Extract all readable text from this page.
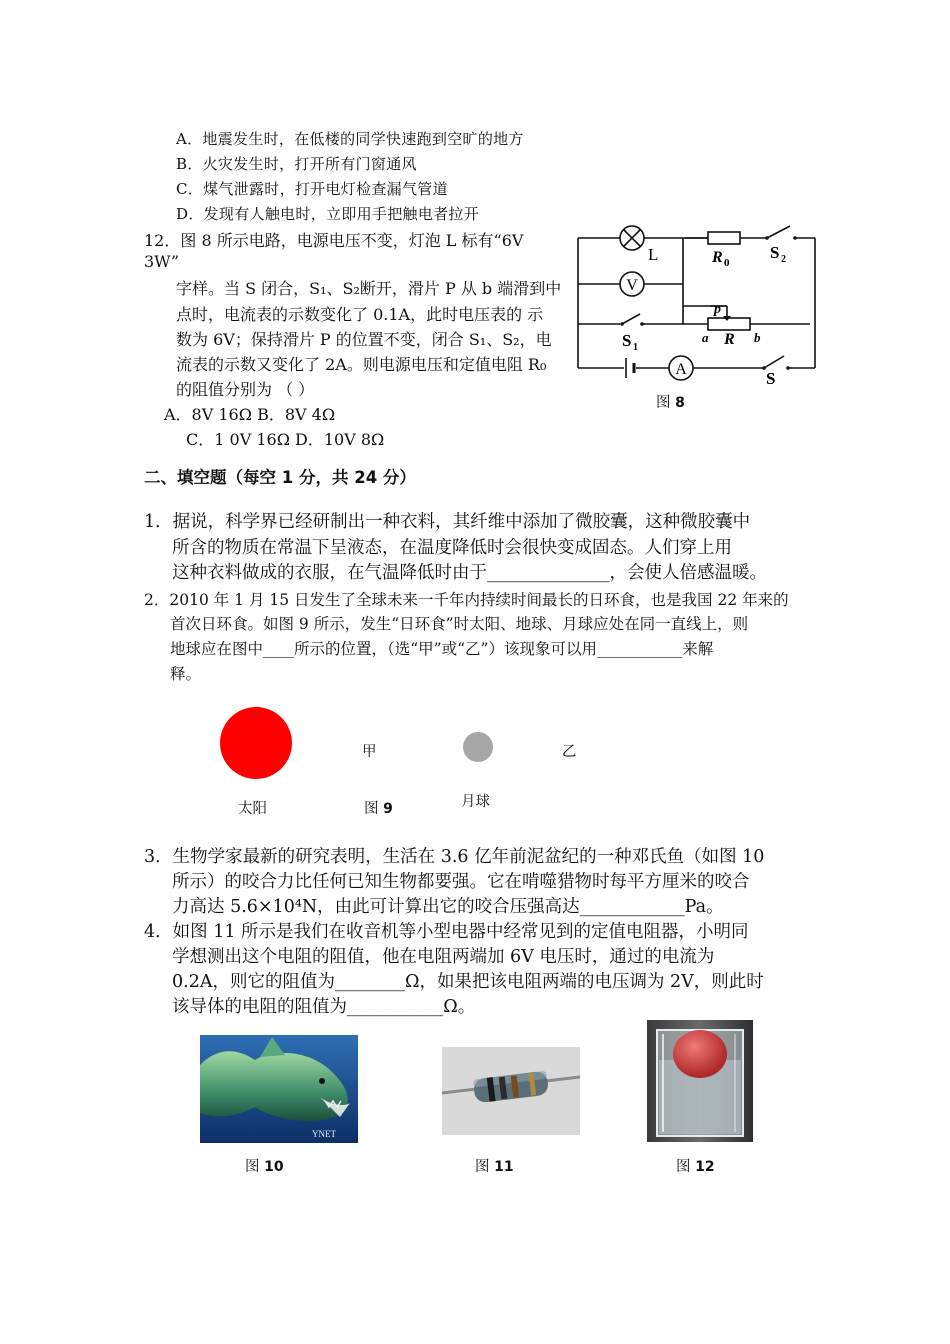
A．地震发生时，在低楼的同学快速跑到空旷的地方
B．火灾发生时，打开所有门窗通风
C．煤气泄露时，打开电灯检查漏气管道
D．发现有人触电时，立即用手把触电者拉开
12．图 8 所示电路，电源电压不变，灯泡 L 标有“6V
3W”
字样。当 S 闭合，S₁、S₂断开，滑片 P 从 b 端滑到中
点时，电流表的示数变化了 0.1A，此时电压表的 示
数为 6V；保持滑片 P 的位置不变，闭合 S₁、S₂，电
流表的示数又变化了 2A。则电源电压和定值电阻 R₀
的阻值分别为 （ ）
A．8V 16Ω B．8V 4Ω
C．1 0V 16Ω D．10V 8Ω
V
A
L	R 0
S 2
S 1
p
a R b
S
图 8
二、填空题（每空 1 分，共 24 分）
1．据说，科学界已经研制出一种衣料，其纤维中添加了微胶囊，这种微胶囊中
所含的物质在常温下呈液态，在温度降低时会很快变成固态。人们穿上用
这种衣料做成的衣服，在气温降低时由于______________，会使人倍感温暖。
2．2010 年 1 月 15 日发生了全球未来一千年内持续时间最长的日环食，也是我国 22 年来的
首次日环食。如图 9 所示，发生“日环食”时太阳、地球、月球应处在同一直线上，则
地球应在图中____所示的位置，（选“甲”或“乙”）该现象可以用___________来解
释。
甲	乙
太阳	月球
图 9
3．生物学家最新的研究表明，生活在 3.6 亿年前泥盆纪的一种邓氏鱼（如图 10
所示）的咬合力比任何已知生物都要强。它在啃噬猎物时每平方厘米的咬合
力高达 5.6×10⁴N，由此可计算出它的咬合压强高达____________Pa。
4．如图 11 所示是我们在收音机等小型电器中经常见到的定值电阻器，小明同
学想测出这个电阻的阻值，他在电阻两端加 6V 电压时，通过的电流为
0.2A，则它的阻值为________Ω，如果把该电阻两端的电压调为 2V，则此时
该导体的电阻的阻值为___________Ω。
YNET
图 10	图 11	图 12
